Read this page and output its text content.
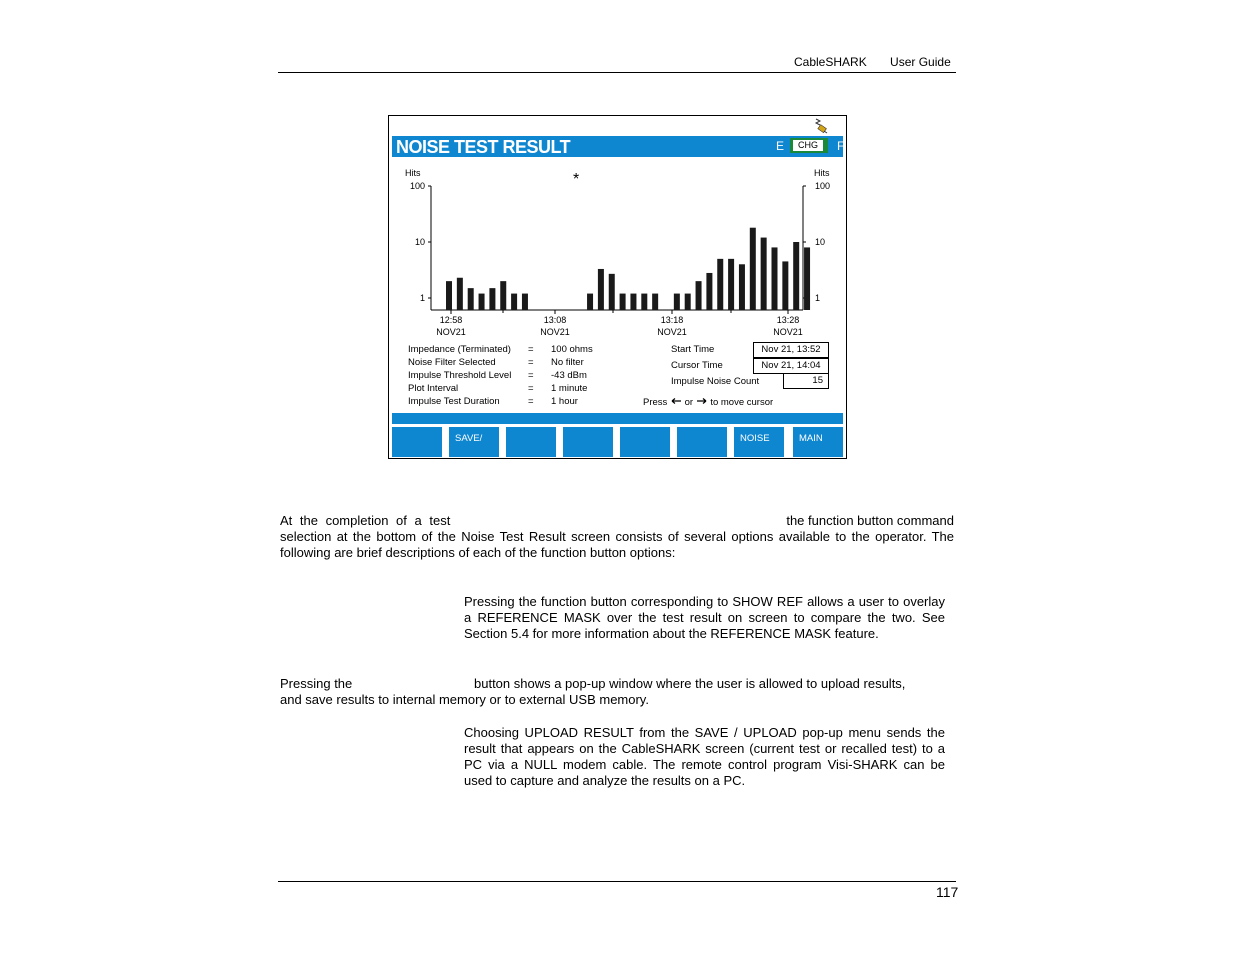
CableSHARK User Guide
NOISE TEST RESULT	E	CHG	F
Hits	Hits
*
100
10
1
100
10
1
12:58
NOV21
13:08
NOV21
13:18
NOV21
13:28
NOV21
Impedance (Terminated) = 100 ohms
Noise Filter Selected	= No filter
Impulse Threshold Level = -43 dBm
Plot Interval	= 1 minute
Impulse Test Duration	= 1 hour
Start Time	Nov 21, 13:52
Cursor Time	Nov 21, 14:04
Impulse Noise Count	15
Press or to move cursor

SAVE/

UPLOAD

NOISE

SETUP
MAIN

MENU
At the completion of a test	the function button command
selection at the bottom of the Noise Test Result screen consists of several options available to the operator. The following are brief descriptions of each of the function button options:
Pressing the function button corresponding to SHOW REF allows a user to overlay a REFERENCE MASK over the test result on screen to compare the two. See Section 5.4 for more information about the REFERENCE MASK feature.
Pressing the	button shows a pop-up window where the user is allowed to upload results,
and save results to internal memory or to external USB memory.
Choosing UPLOAD RESULT from the SAVE / UPLOAD pop-up menu sends the result that appears on the CableSHARK screen (current test or recalled test) to a PC via a NULL modem cable. The remote control program Visi-SHARK can be used to capture and analyze the results on a PC.
117
